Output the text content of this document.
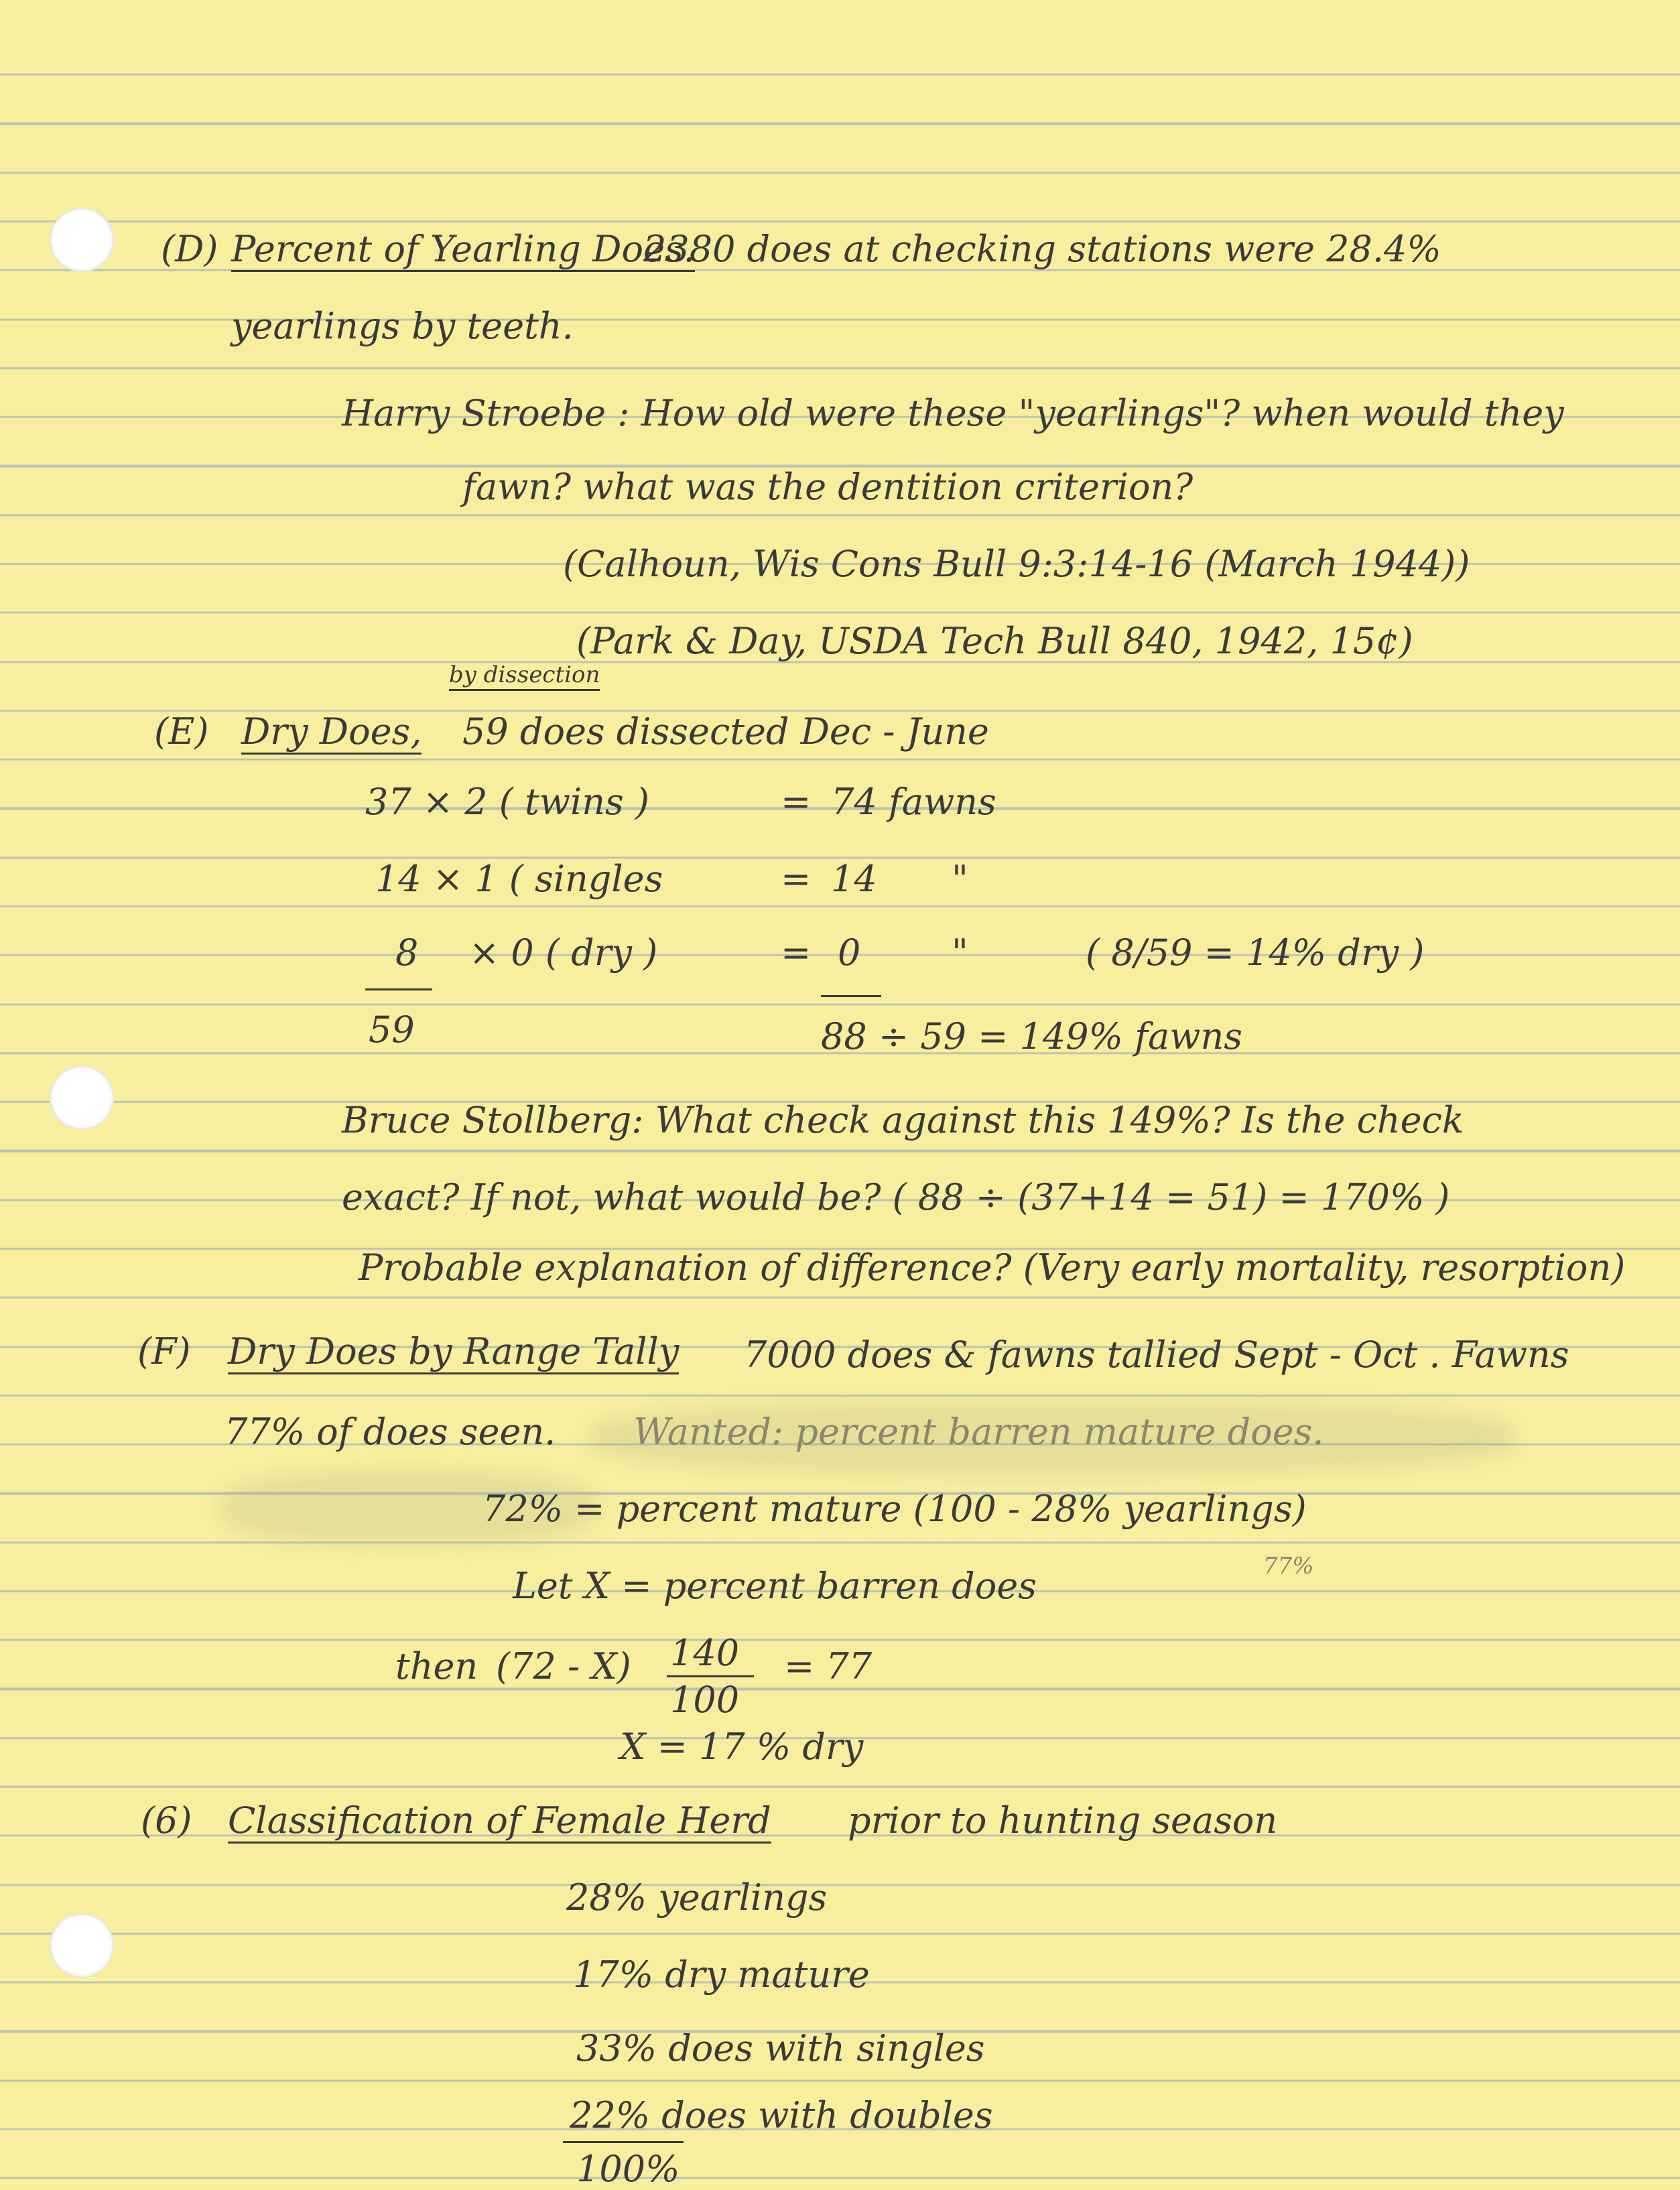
(D) Percent of Yearling Does.
2380 does at checking stations were 28.4%
yearlings by teeth.
Harry Stroebe : How old were these "yearlings"? when would they
fawn? what was the dentition criterion?
(Calhoun, Wis Cons Bull 9:3:14-16 (March 1944))
(Park & Day, USDA Tech Bull 840, 1942, 15¢)
(E) Dry Does,
by dissection
59 does dissected Dec - June
37 × 2 ( twins )	= 74 fawns
14 × 1 ( singles	= 14 "
8 × 0 ( dry )	= 0	"	( 8/59 = 14% dry )
59	88 ÷ 59 = 149% fawns
Bruce Stollberg: What check against this 149%? Is the check
exact? If not, what would be? ( 88 ÷ (37+14 = 51) = 170% )
Probable explanation of difference? (Very early mortality, resorption)
(F) Dry Does by Range Tally 7000 does & fawns tallied Sept - Oct . Fawns
77% of does seen. Wanted: percent barren mature does.
72% = percent mature (100 - 28% yearlings)
Let X = percent barren does	77%
then (72 - X) 140
100
= 77
X = 17 % dry
(6) Classification of Female Herd prior to hunting season
28% yearlings
17% dry mature
33% does with singles
22% does with doubles
100%
